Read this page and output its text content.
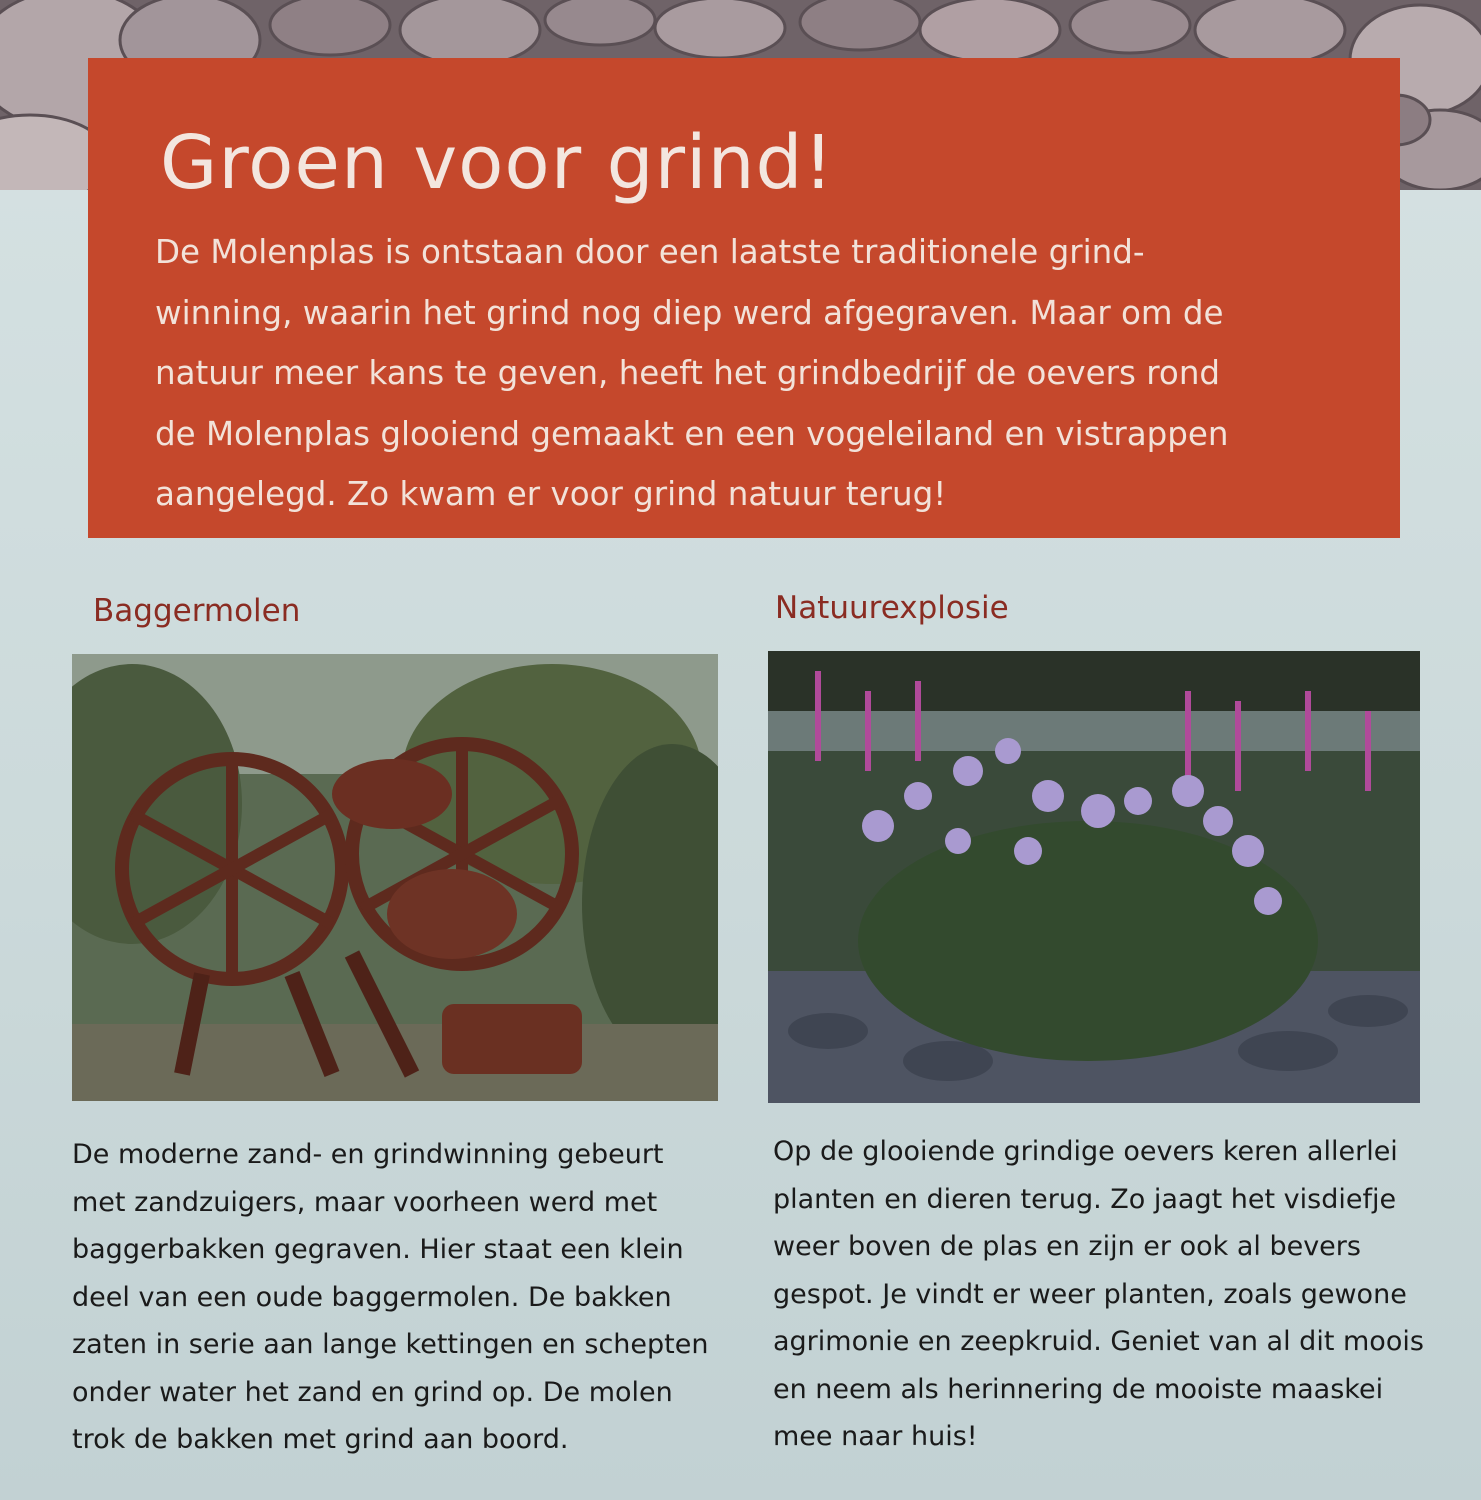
Groen voor grind!
De Molenplas is ontstaan door een laatste traditionele grind-
winning, waarin het grind nog diep werd afgegraven. Maar om de
natuur meer kans te geven, heeft het grindbedrijf de oevers rond
de Molenplas glooiend gemaakt en een vogeleiland en vistrappen
aangelegd. Zo kwam er voor grind natuur terug!
Baggermolen
De moderne zand- en grindwinning gebeurt
met zandzuigers, maar voorheen werd met
baggerbakken gegraven. Hier staat een klein
deel van een oude baggermolen. De bakken
zaten in serie aan lange kettingen en schepten
onder water het zand en grind op. De molen
trok de bakken met grind aan boord.
Natuurexplosie
Op de glooiende grindige oevers keren allerlei
planten en dieren terug. Zo jaagt het visdiefje
weer boven de plas en zijn er ook al bevers
gespot. Je vindt er weer planten, zoals gewone
agrimonie en zeepkruid. Geniet van al dit moois
en neem als herinnering de mooiste maaskei
mee naar huis!
